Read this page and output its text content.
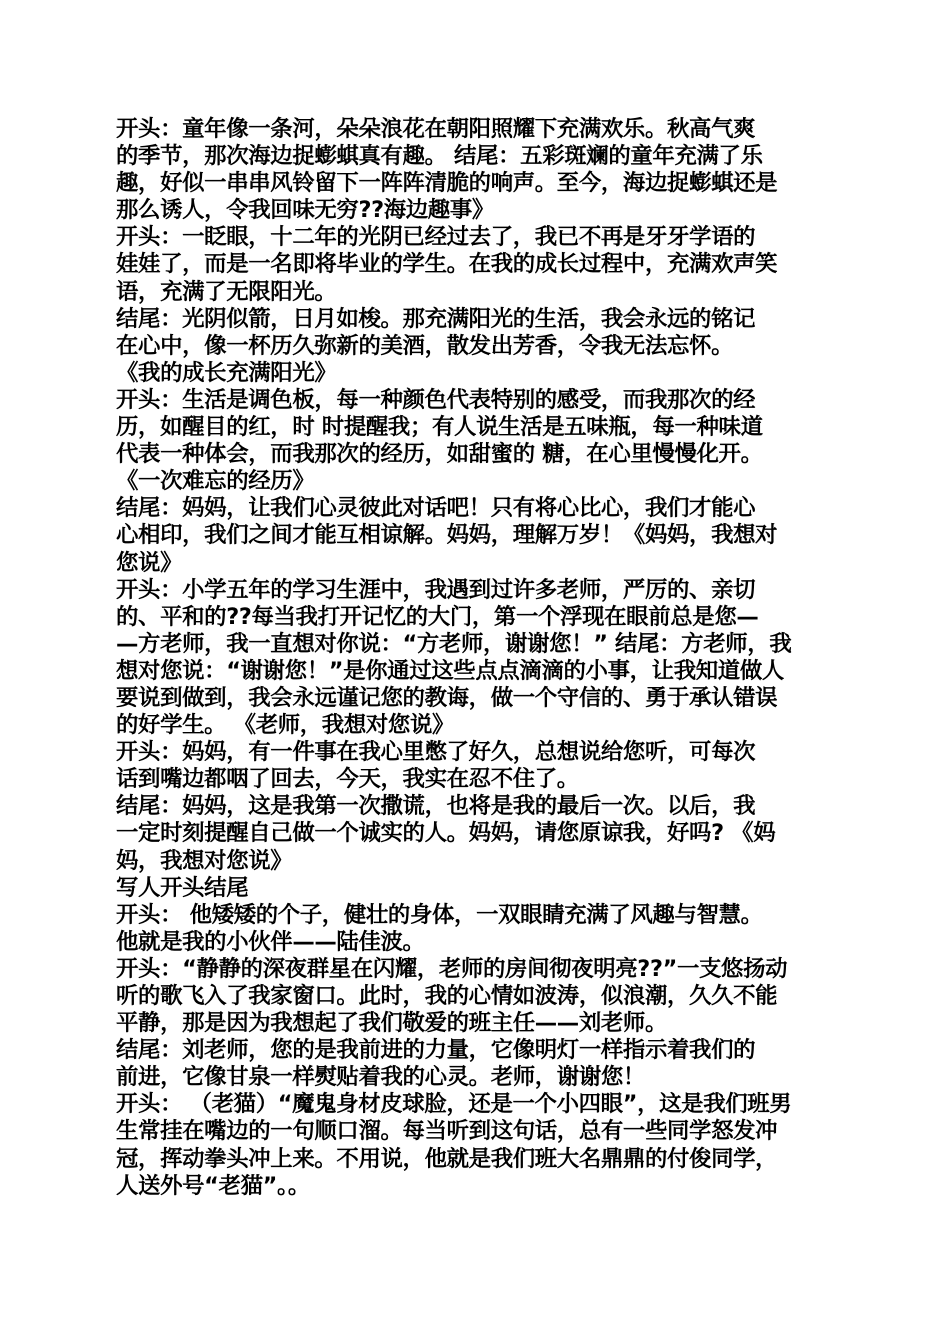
开头：童年像一条河，朵朵浪花在朝阳照耀下充满欢乐。秋高气爽
的季节，那次海边捉蟛蜞真有趣。 结尾：五彩斑斓的童年充满了乐
趣，好似一串串风铃留下一阵阵清脆的响声。至今，海边捉蟛蜞还是
那么诱人，令我回味无穷??海边趣事》
开头：一眨眼，十二年的光阴已经过去了，我已不再是牙牙学语的
娃娃了，而是一名即将毕业的学生。在我的成长过程中，充满欢声笑
语，充满了无限阳光。
结尾：光阴似箭，日月如梭。那充满阳光的生活，我会永远的铭记
在心中，像一杯历久弥新的美酒，散发出芳香，令我无法忘怀。
《我的成长充满阳光》
开头：生活是调色板，每一种颜色代表特别的感受，而我那次的经
历，如醒目的红，时 时提醒我；有人说生活是五味瓶，每一种味道
代表一种体会，而我那次的经历，如甜蜜的 糖，在心里慢慢化开。
《一次难忘的经历》
结尾：妈妈，让我们心灵彼此对话吧！只有将心比心，我们才能心
心相印，我们之间才能互相谅解。妈妈，理解万岁！《妈妈，我想对
您说》
开头：小学五年的学习生涯中，我遇到过许多老师，严厉的、亲切
的、平和的??每当我打开记忆的大门，第一个浮现在眼前总是您—
—方老师，我一直想对你说：“方老师，谢谢您！” 结尾：方老师，我
想对您说：“谢谢您！”是你通过这些点点滴滴的小事，让我知道做人
要说到做到，我会永远谨记您的教诲，做一个守信的、勇于承认错误
的好学生。 《老师，我想对您说》
开头：妈妈，有一件事在我心里憋了好久，总想说给您听，可每次
话到嘴边都咽了回去，今天，我实在忍不住了。
结尾：妈妈，这是我第一次撒谎，也将是我的最后一次。以后，我
一定时刻提醒自己做一个诚实的人。妈妈，请您原谅我，好吗? 《妈
妈，我想对您说》
写人开头结尾
开头： 他矮矮的个子，健壮的身体，一双眼睛充满了风趣与智慧。
他就是我的小伙伴——陆佳波。
开头：“静静的深夜群星在闪耀，老师的房间彻夜明亮??”一支悠扬动
听的歌飞入了我家窗口。此时，我的心情如波涛，似浪潮，久久不能
平静，那是因为我想起了我们敬爱的班主任——刘老师。
结尾：刘老师，您的是我前进的力量，它像明灯一样指示着我们的
前进，它像甘泉一样熨贴着我的心灵。老师，谢谢您！
开头： （老猫）“魔鬼身材皮球脸，还是一个小四眼”，这是我们班男
生常挂在嘴边的一句顺口溜。每当听到这句话，总有一些同学怒发冲
冠，挥动拳头冲上来。不用说，他就是我们班大名鼎鼎的付俊同学，
人送外号“老猫”。。
